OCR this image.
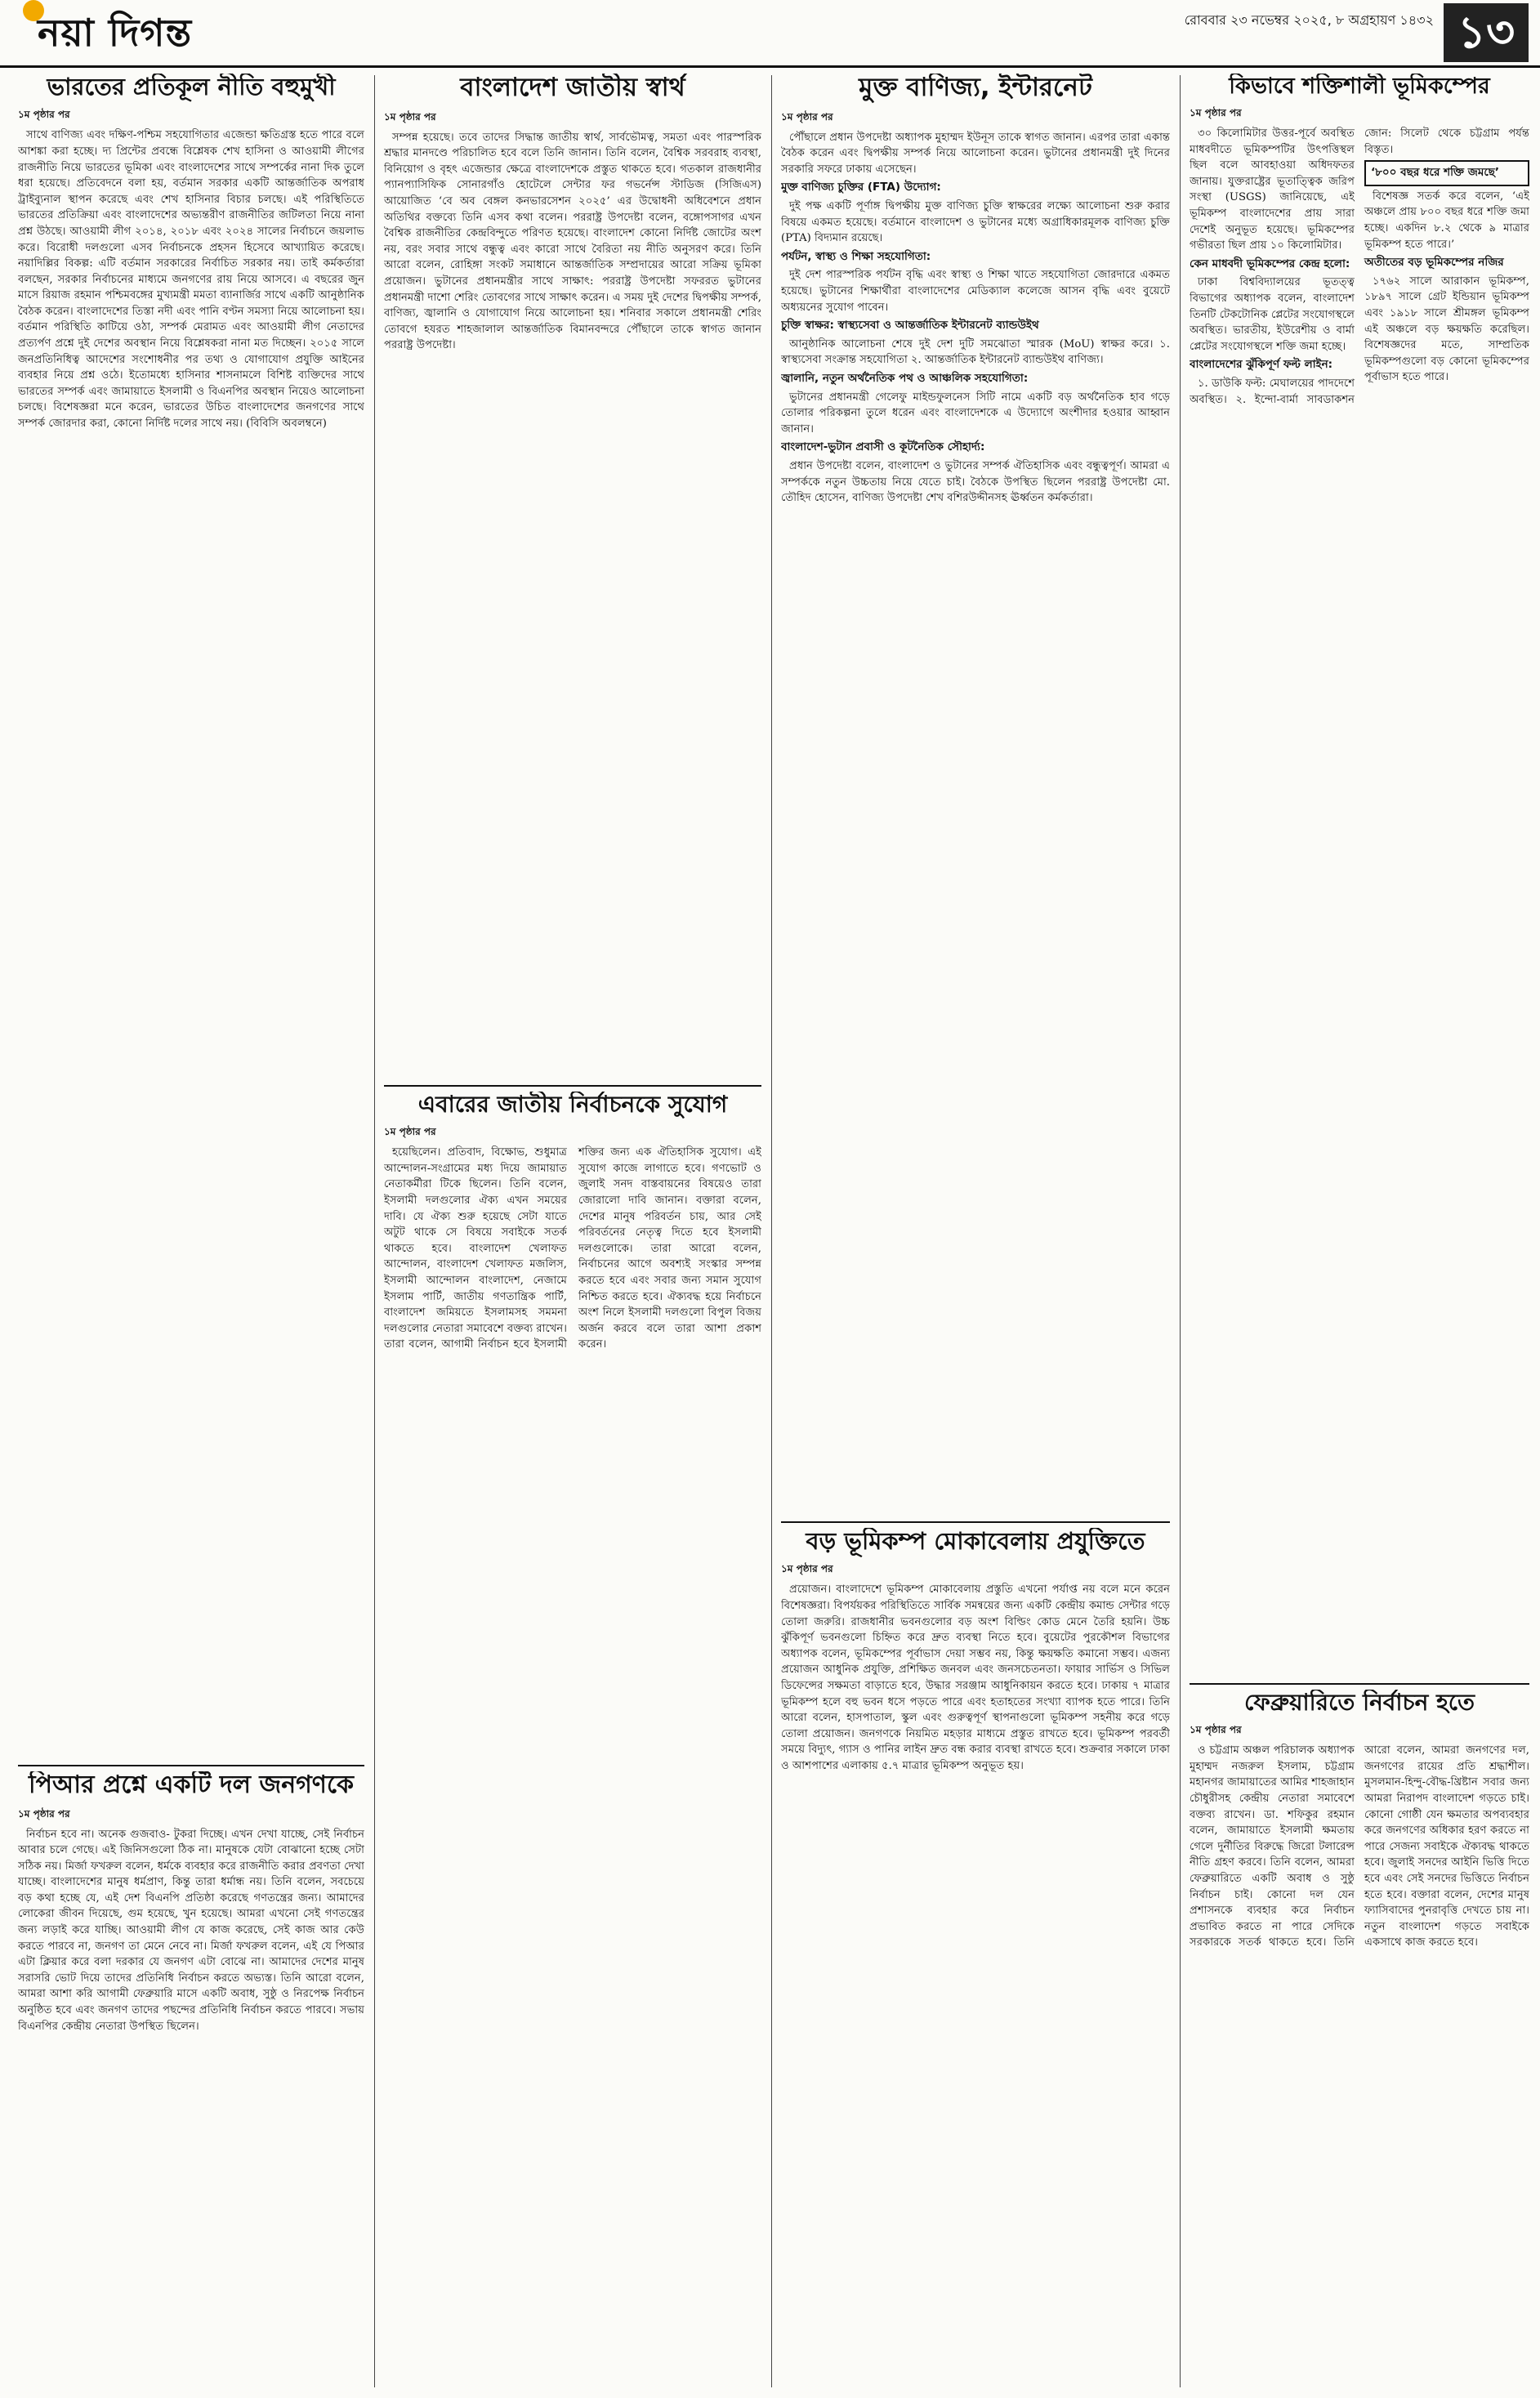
নয়া দিগন্ত	রোববার ২৩ নভেম্বর ২০২৫, ৮ অগ্রহায়ণ ১৪৩২ ১৩
ভারতের প্রতিকূল নীতি বহুমুখী
১ম পৃষ্ঠার পর

সাথে বাণিজ্য এবং দক্ষিণ-পশ্চিম সহযোগিতার এজেন্ডা ক্ষতিগ্রস্ত হতে পারে বলে আশঙ্কা করা হচ্ছে। দ্য প্রিন্টের প্রবন্ধে বিশ্লেষক শেখ হাসিনা ও আওয়ামী লীগের রাজনীতি নিয়ে ভারতের ভূমিকা এবং বাংলাদেশের সাথে সম্পর্কের নানা দিক তুলে ধরা হয়েছে। প্রতিবেদনে বলা হয়, বর্তমান সরকার একটি আন্তর্জাতিক অপরাধ ট্রাইব্যুনাল স্থাপন করেছে এবং শেখ হাসিনার বিচার চলছে। এই পরিস্থিতিতে ভারতের প্রতিক্রিয়া এবং বাংলাদেশের অভ্যন্তরীণ রাজনীতির জটিলতা নিয়ে নানা প্রশ্ন উঠছে। আওয়ামী লীগ ২০১৪, ২০১৮ এবং ২০২৪ সালের নির্বাচনে জয়লাভ করে। বিরোধী দলগুলো এসব নির্বাচনকে প্রহসন হিসেবে আখ্যায়িত করেছে। নয়াদিল্লির বিকল্প: এটি বর্তমান সরকারের নির্বাচিত সরকার নয়। তাই কর্মকর্তারা বলছেন, সরকার নির্বাচনের মাধ্যমে জনগণের রায় নিয়ে আসবে। এ বছরের জুন মাসে রিয়াজ রহমান পশ্চিমবঙ্গের মুখ্যমন্ত্রী মমতা ব্যানার্জির সাথে একটি আনুষ্ঠানিক বৈঠক করেন। বাংলাদেশের তিস্তা নদী এবং পানি বণ্টন সমস্যা নিয়ে আলোচনা হয়। বর্তমান পরিস্থিতি কাটিয়ে ওঠা, সম্পর্ক মেরামত এবং আওয়ামী লীগ নেতাদের প্রত্যর্পণ প্রশ্নে দুই দেশের অবস্থান নিয়ে বিশ্লেষকরা নানা মত দিচ্ছেন। ২০১৫ সালে জনপ্রতিনিধিত্ব আদেশের সংশোধনীর পর তথ্য ও যোগাযোগ প্রযুক্তি আইনের ব্যবহার নিয়ে প্রশ্ন ওঠে। ইতোমধ্যে হাসিনার শাসনামলে বিশিষ্ট ব্যক্তিদের সাথে ভারতের সম্পর্ক এবং জামায়াতে ইসলামী ও বিএনপির অবস্থান নিয়েও আলোচনা চলছে। বিশেষজ্ঞরা মনে করেন, ভারতের উচিত বাংলাদেশের জনগণের সাথে সম্পর্ক জোরদার করা, কোনো নির্দিষ্ট দলের সাথে নয়। (বিবিসি অবলম্বনে)

পিআর প্রশ্নে একটি দল জনগণকে
১ম পৃষ্ঠার পর

নির্বাচন হবে না। অনেক গুজবাও- টুকরা দিচ্ছে। এখন দেখা যাচ্ছে, সেই নির্বাচন আবার চলে গেছে। এই জিনিসগুলো ঠিক না। মানুষকে যেটা বোঝানো হচ্ছে সেটা সঠিক নয়। মির্জা ফখরুল বলেন, ধর্মকে ব্যবহার করে রাজনীতি করার প্রবণতা দেখা যাচ্ছে। বাংলাদেশের মানুষ ধর্মপ্রাণ, কিন্তু তারা ধর্মান্ধ নয়। তিনি বলেন, সবচেয়ে বড় কথা হচ্ছে যে, এই দেশ বিএনপি প্রতিষ্ঠা করেছে গণতন্ত্রের জন্য। আমাদের লোকেরা জীবন দিয়েছে, গুম হয়েছে, খুন হয়েছে। আমরা এখনো সেই গণতন্ত্রের জন্য লড়াই করে যাচ্ছি। আওয়ামী লীগ যে কাজ করেছে, সেই কাজ আর কেউ করতে পারবে না, জনগণ তা মেনে নেবে না। মির্জা ফখরুল বলেন, এই যে পিআর এটা ক্লিয়ার করে বলা দরকার যে জনগণ এটা বোঝে না। আমাদের দেশের মানুষ সরাসরি ভোট দিয়ে তাদের প্রতিনিধি নির্বাচন করতে অভ্যস্ত। তিনি আরো বলেন, আমরা আশা করি আগামী ফেব্রুয়ারি মাসে একটি অবাধ, সুষ্ঠু ও নিরপেক্ষ নির্বাচন অনুষ্ঠিত হবে এবং জনগণ তাদের পছন্দের প্রতিনিধি নির্বাচন করতে পারবে। সভায় বিএনপির কেন্দ্রীয় নেতারা উপস্থিত ছিলেন।

বাংলাদেশ জাতীয় স্বার্থ
১ম পৃষ্ঠার পর

সম্পন্ন হয়েছে। তবে তাদের সিদ্ধান্ত জাতীয় স্বার্থ, সার্বভৌমত্ব, সমতা এবং পারস্পরিক শ্রদ্ধার মানদণ্ডে পরিচালিত হবে বলে তিনি জানান। তিনি বলেন, বৈশ্বিক সরবরাহ ব্যবস্থা, বিনিয়োগ ও বৃহৎ এজেন্ডার ক্ষেত্রে বাংলাদেশকে প্রস্তুত থাকতে হবে। গতকাল রাজধানীর প্যানপ্যাসিফিক সোনারগাঁও হোটেলে সেন্টার ফর গভর্নেন্স স্টাডিজ (সিজিএস) আয়োজিত ‘বে অব বেঙ্গল কনভারসেশন ২০২৫’ এর উদ্বোধনী অধিবেশনে প্রধান অতিথির বক্তব্যে তিনি এসব কথা বলেন। পররাষ্ট্র উপদেষ্টা বলেন, বঙ্গোপসাগর এখন বৈশ্বিক রাজনীতির কেন্দ্রবিন্দুতে পরিণত হয়েছে। বাংলাদেশ কোনো নির্দিষ্ট জোটের অংশ নয়, বরং সবার সাথে বন্ধুত্ব এবং কারো সাথে বৈরিতা নয় নীতি অনুসরণ করে। তিনি আরো বলেন, রোহিঙ্গা সংকট সমাধানে আন্তর্জাতিক সম্প্রদায়ের আরো সক্রিয় ভূমিকা প্রয়োজন। ভুটানের প্রধানমন্ত্রীর সাথে সাক্ষাৎ: পররাষ্ট্র উপদেষ্টা সফররত ভুটানের প্রধানমন্ত্রী দাশো শেরিং তোবগের সাথে সাক্ষাৎ করেন। এ সময় দুই দেশের দ্বিপক্ষীয় সম্পর্ক, বাণিজ্য, জ্বালানি ও যোগাযোগ নিয়ে আলোচনা হয়। শনিবার সকালে প্রধানমন্ত্রী শেরিং তোবগে হযরত শাহজালাল আন্তর্জাতিক বিমানবন্দরে পৌঁছালে তাকে স্বাগত জানান পররাষ্ট্র উপদেষ্টা।

এবারের জাতীয় নির্বাচনকে সুযোগ
১ম পৃষ্ঠার পর

হয়েছিলেন। প্রতিবাদ, বিক্ষোভ, শুধুমাত্র আন্দোলন-সংগ্রামের মধ্য দিয়ে জামায়াত নেতাকর্মীরা টিকে ছিলেন। তিনি বলেন, ইসলামী দলগুলোর ঐক্য এখন সময়ের দাবি। যে ঐক্য শুরু হয়েছে সেটা যাতে অটুট থাকে সে বিষয়ে সবাইকে সতর্ক থাকতে হবে। বাংলাদেশ খেলাফত আন্দোলন, বাংলাদেশ খেলাফত মজলিস, ইসলামী আন্দোলন বাংলাদেশ, নেজামে ইসলাম পার্টি, জাতীয় গণতান্ত্রিক পার্টি, বাংলাদেশ জমিয়তে ইসলামসহ সমমনা দলগুলোর নেতারা সমাবেশে বক্তব্য রাখেন। তারা বলেন, আগামী নির্বাচন হবে ইসলামী শক্তির জন্য এক ঐতিহাসিক সুযোগ। এই সুযোগ কাজে লাগাতে হবে। গণভোট ও জুলাই সনদ বাস্তবায়নের বিষয়েও তারা জোরালো দাবি জানান। বক্তারা বলেন, দেশের মানুষ পরিবর্তন চায়, আর সেই পরিবর্তনের নেতৃত্ব দিতে হবে ইসলামী দলগুলোকে। তারা আরো বলেন, নির্বাচনের আগে অবশ্যই সংস্কার সম্পন্ন করতে হবে এবং সবার জন্য সমান সুযোগ নিশ্চিত করতে হবে। ঐক্যবদ্ধ হয়ে নির্বাচনে অংশ নিলে ইসলামী দলগুলো বিপুল বিজয় অর্জন করবে বলে তারা আশা প্রকাশ করেন।

মুক্ত বাণিজ্য, ইন্টারনেট
১ম পৃষ্ঠার পর

পৌঁছালে প্রধান উপদেষ্টা অধ্যাপক মুহাম্মদ ইউনূস তাকে স্বাগত জানান। এরপর তারা একান্ত বৈঠক করেন এবং দ্বিপক্ষীয় সম্পর্ক নিয়ে আলোচনা করেন। ভুটানের প্রধানমন্ত্রী দুই দিনের সরকারি সফরে ঢাকায় এসেছেন।

মুক্ত বাণিজ্য চুক্তির (FTA) উদ্যোগ:

দুই পক্ষ একটি পূর্ণাঙ্গ দ্বিপক্ষীয় মুক্ত বাণিজ্য চুক্তি স্বাক্ষরের লক্ষ্যে আলোচনা শুরু করার বিষয়ে একমত হয়েছে। বর্তমানে বাংলাদেশ ও ভুটানের মধ্যে অগ্রাধিকারমূলক বাণিজ্য চুক্তি (PTA) বিদ্যমান রয়েছে।

পর্যটন, স্বাস্থ্য ও শিক্ষা সহযোগিতা:

দুই দেশ পারস্পরিক পর্যটন বৃদ্ধি এবং স্বাস্থ্য ও শিক্ষা খাতে সহযোগিতা জোরদারে একমত হয়েছে। ভুটানের শিক্ষার্থীরা বাংলাদেশের মেডিক্যাল কলেজে আসন বৃদ্ধি এবং বুয়েটে অধ্যয়নের সুযোগ পাবেন।

চুক্তি স্বাক্ষর: স্বাস্থ্যসেবা ও আন্তর্জাতিক ইন্টারনেট ব্যান্ডউইথ

আনুষ্ঠানিক আলোচনা শেষে দুই দেশ দুটি সমঝোতা স্মারক (MoU) স্বাক্ষর করে। ১. স্বাস্থ্যসেবা সংক্রান্ত সহযোগিতা ২. আন্তর্জাতিক ইন্টারনেট ব্যান্ডউইথ বাণিজ্য।

জ্বালানি, নতুন অর্থনৈতিক পথ ও আঞ্চলিক সহযোগিতা:

ভুটানের প্রধানমন্ত্রী গেলেফু মাইন্ডফুলনেস সিটি নামে একটি বড় অর্থনৈতিক হাব গড়ে তোলার পরিকল্পনা তুলে ধরেন এবং বাংলাদেশকে এ উদ্যোগে অংশীদার হওয়ার আহ্বান জানান।

বাংলাদেশ-ভুটান প্রবাসী ও কূটনৈতিক সৌহার্দ্য:

প্রধান উপদেষ্টা বলেন, বাংলাদেশ ও ভুটানের সম্পর্ক ঐতিহাসিক এবং বন্ধুত্বপূর্ণ। আমরা এ সম্পর্ককে নতুন উচ্চতায় নিয়ে যেতে চাই। বৈঠকে উপস্থিত ছিলেন পররাষ্ট্র উপদেষ্টা মো. তৌহিদ হোসেন, বাণিজ্য উপদেষ্টা শেখ বশিরউদ্দীনসহ ঊর্ধ্বতন কর্মকর্তারা।

বড় ভূমিকম্প মোকাবেলায় প্রযুক্তিতে
১ম পৃষ্ঠার পর

প্রয়োজন। বাংলাদেশে ভূমিকম্প মোকাবেলায় প্রস্তুতি এখনো পর্যাপ্ত নয় বলে মনে করেন বিশেষজ্ঞরা। বিপর্যয়কর পরিস্থিতিতে সার্বিক সমন্বয়ের জন্য একটি কেন্দ্রীয় কমান্ড সেন্টার গড়ে তোলা জরুরি। রাজধানীর ভবনগুলোর বড় অংশ বিল্ডিং কোড মেনে তৈরি হয়নি। উচ্চ ঝুঁকিপূর্ণ ভবনগুলো চিহ্নিত করে দ্রুত ব্যবস্থা নিতে হবে। বুয়েটের পুরকৌশল বিভাগের অধ্যাপক বলেন, ভূমিকম্পের পূর্বাভাস দেয়া সম্ভব নয়, কিন্তু ক্ষয়ক্ষতি কমানো সম্ভব। এজন্য প্রয়োজন আধুনিক প্রযুক্তি, প্রশিক্ষিত জনবল এবং জনসচেতনতা। ফায়ার সার্ভিস ও সিভিল ডিফেন্সের সক্ষমতা বাড়াতে হবে, উদ্ধার সরঞ্জাম আধুনিকায়ন করতে হবে। ঢাকায় ৭ মাত্রার ভূমিকম্প হলে বহু ভবন ধসে পড়তে পারে এবং হতাহতের সংখ্যা ব্যাপক হতে পারে। তিনি আরো বলেন, হাসপাতাল, স্কুল এবং গুরুত্বপূর্ণ স্থাপনাগুলো ভূমিকম্প সহনীয় করে গড়ে তোলা প্রয়োজন। জনগণকে নিয়মিত মহড়ার মাধ্যমে প্রস্তুত রাখতে হবে। ভূমিকম্প পরবর্তী সময়ে বিদ্যুৎ, গ্যাস ও পানির লাইন দ্রুত বন্ধ করার ব্যবস্থা রাখতে হবে। শুক্রবার সকালে ঢাকা ও আশপাশের এলাকায় ৫.৭ মাত্রার ভূমিকম্প অনুভূত হয়।

কিভাবে শক্তিশালী ভূমিকম্পের
১ম পৃষ্ঠার পর

৩০ কিলোমিটার উত্তর-পূর্বে অবস্থিত মাধবদীতে ভূমিকম্পটির উৎপত্তিস্থল ছিল বলে আবহাওয়া অধিদফতর জানায়। যুক্তরাষ্ট্রের ভূতাত্ত্বিক জরিপ সংস্থা (USGS) জানিয়েছে, এই ভূমিকম্প বাংলাদেশের প্রায় সারা দেশেই অনুভূত হয়েছে। ভূমিকম্পের গভীরতা ছিল প্রায় ১০ কিলোমিটার।

কেন মাধবদী ভূমিকম্পের কেন্দ্র হলো:

ঢাকা বিশ্ববিদ্যালয়ের ভূতত্ত্ব বিভাগের অধ্যাপক বলেন, বাংলাদেশ তিনটি টেকটোনিক প্লেটের সংযোগস্থলে অবস্থিত। ভারতীয়, ইউরেশীয় ও বার্মা প্লেটের সংযোগস্থলে শক্তি জমা হচ্ছে।

বাংলাদেশের ঝুঁকিপূর্ণ ফল্ট লাইন:

১. ডাউকি ফল্ট: মেঘালয়ের পাদদেশে অবস্থিত। ২. ইন্দো-বার্মা সাবডাকশন জোন: সিলেট থেকে চট্টগ্রাম পর্যন্ত বিস্তৃত।

‘৮০০ বছর ধরে শক্তি জমছে’

বিশেষজ্ঞ সতর্ক করে বলেন, ‘এই অঞ্চলে প্রায় ৮০০ বছর ধরে শক্তি জমা হচ্ছে। একদিন ৮.২ থেকে ৯ মাত্রার ভূমিকম্প হতে পারে।’

অতীতের বড় ভূমিকম্পের নজির

১৭৬২ সালে আরাকান ভূমিকম্প, ১৮৯৭ সালে গ্রেট ইন্ডিয়ান ভূমিকম্প এবং ১৯১৮ সালে শ্রীমঙ্গল ভূমিকম্প এই অঞ্চলে বড় ক্ষয়ক্ষতি করেছিল। বিশেষজ্ঞদের মতে, সাম্প্রতিক ভূমিকম্পগুলো বড় কোনো ভূমিকম্পের পূর্বাভাস হতে পারে।

ফেব্রুয়ারিতে নির্বাচন হতে
১ম পৃষ্ঠার পর

ও চট্টগ্রাম অঞ্চল পরিচালক অধ্যাপক মুহাম্মদ নজরুল ইসলাম, চট্টগ্রাম মহানগর জামায়াতের আমির শাহজাহান চৌধুরীসহ কেন্দ্রীয় নেতারা সমাবেশে বক্তব্য রাখেন। ডা. শফিকুর রহমান বলেন, জামায়াতে ইসলামী ক্ষমতায় গেলে দুর্নীতির বিরুদ্ধে জিরো টলারেন্স নীতি গ্রহণ করবে। তিনি বলেন, আমরা ফেব্রুয়ারিতে একটি অবাধ ও সুষ্ঠু নির্বাচন চাই। কোনো দল যেন প্রশাসনকে ব্যবহার করে নির্বাচন প্রভাবিত করতে না পারে সেদিকে সরকারকে সতর্ক থাকতে হবে। তিনি আরো বলেন, আমরা জনগণের দল, জনগণের রায়ের প্রতি শ্রদ্ধাশীল। মুসলমান-হিন্দু-বৌদ্ধ-খ্রিষ্টান সবার জন্য আমরা নিরাপদ বাংলাদেশ গড়তে চাই। কোনো গোষ্ঠী যেন ক্ষমতার অপব্যবহার করে জনগণের অধিকার হরণ করতে না পারে সেজন্য সবাইকে ঐক্যবদ্ধ থাকতে হবে। জুলাই সনদের আইনি ভিত্তি দিতে হবে এবং সেই সনদের ভিত্তিতে নির্বাচন হতে হবে। বক্তারা বলেন, দেশের মানুষ ফ্যাসিবাদের পুনরাবৃত্তি দেখতে চায় না। নতুন বাংলাদেশ গড়তে সবাইকে একসাথে কাজ করতে হবে।
